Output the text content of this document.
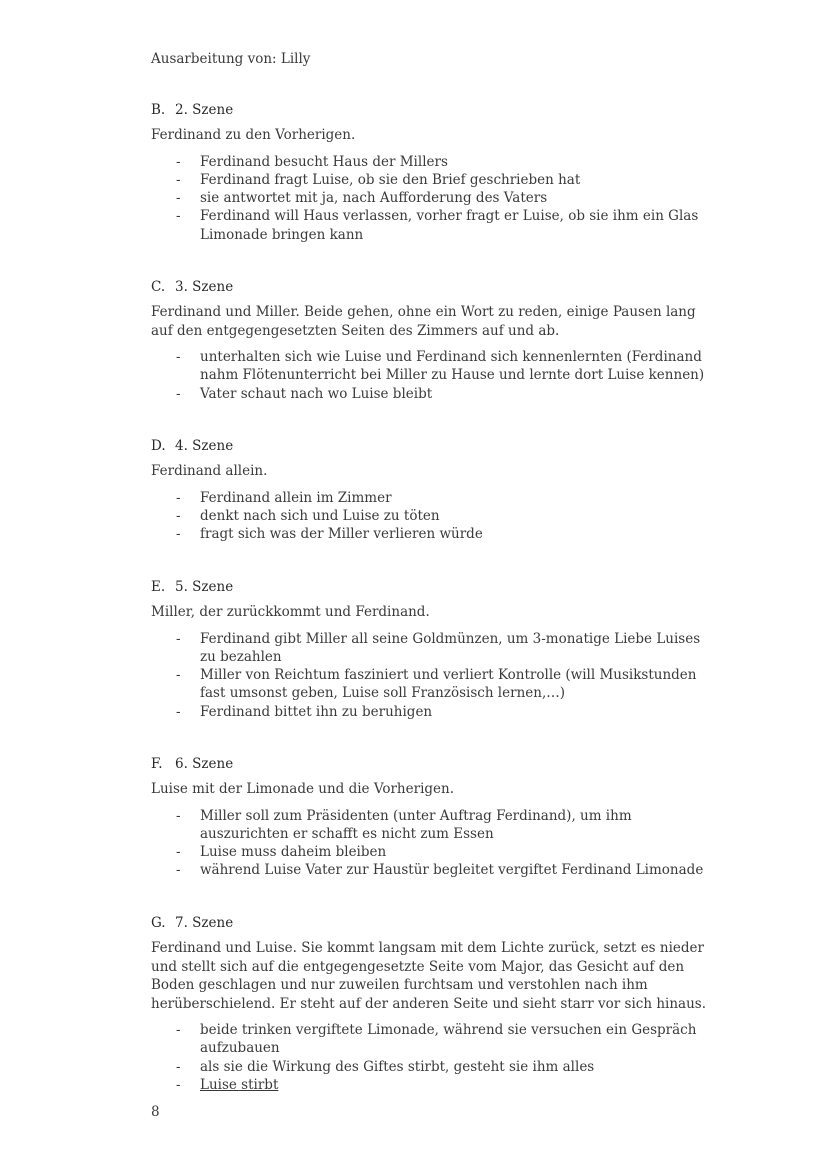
Ausarbeitung von: Lilly
B. 2. Szene
Ferdinand zu den Vorherigen.
- Ferdinand besucht Haus der Millers
- Ferdinand fragt Luise, ob sie den Brief geschrieben hat
- sie antwortet mit ja, nach Aufforderung des Vaters
- Ferdinand will Haus verlassen, vorher fragt er Luise, ob sie ihm ein Glas Limonade bringen kann
C. 3. Szene
Ferdinand und Miller. Beide gehen, ohne ein Wort zu reden, einige Pausen lang auf den entgegengesetzten Seiten des Zimmers auf und ab.
- unterhalten sich wie Luise und Ferdinand sich kennenlernten (Ferdinand nahm Flötenunterricht bei Miller zu Hause und lernte dort Luise kennen)
- Vater schaut nach wo Luise bleibt
D. 4. Szene
Ferdinand allein.
- Ferdinand allein im Zimmer
- denkt nach sich und Luise zu töten
- fragt sich was der Miller verlieren würde
E. 5. Szene
Miller, der zurückkommt und Ferdinand.
- Ferdinand gibt Miller all seine Goldmünzen, um 3-monatige Liebe Luises zu bezahlen
- Miller von Reichtum fasziniert und verliert Kontrolle (will Musikstunden fast umsonst geben, Luise soll Französisch lernen,…)
- Ferdinand bittet ihn zu beruhigen
F. 6. Szene
Luise mit der Limonade und die Vorherigen.
- Miller soll zum Präsidenten (unter Auftrag Ferdinand), um ihm auszurichten er schafft es nicht zum Essen
- Luise muss daheim bleiben
- während Luise Vater zur Haustür begleitet vergiftet Ferdinand Limonade
G. 7. Szene
Ferdinand und Luise. Sie kommt langsam mit dem Lichte zurück, setzt es nieder und stellt sich auf die entgegengesetzte Seite vom Major, das Gesicht auf den Boden geschlagen und nur zuweilen furchtsam und verstohlen nach ihm herüberschielend. Er steht auf der anderen Seite und sieht starr vor sich hinaus.
- beide trinken vergiftete Limonade, während sie versuchen ein Gespräch aufzubauen
- als sie die Wirkung des Giftes stirbt, gesteht sie ihm alles
- Luise stirbt
8
